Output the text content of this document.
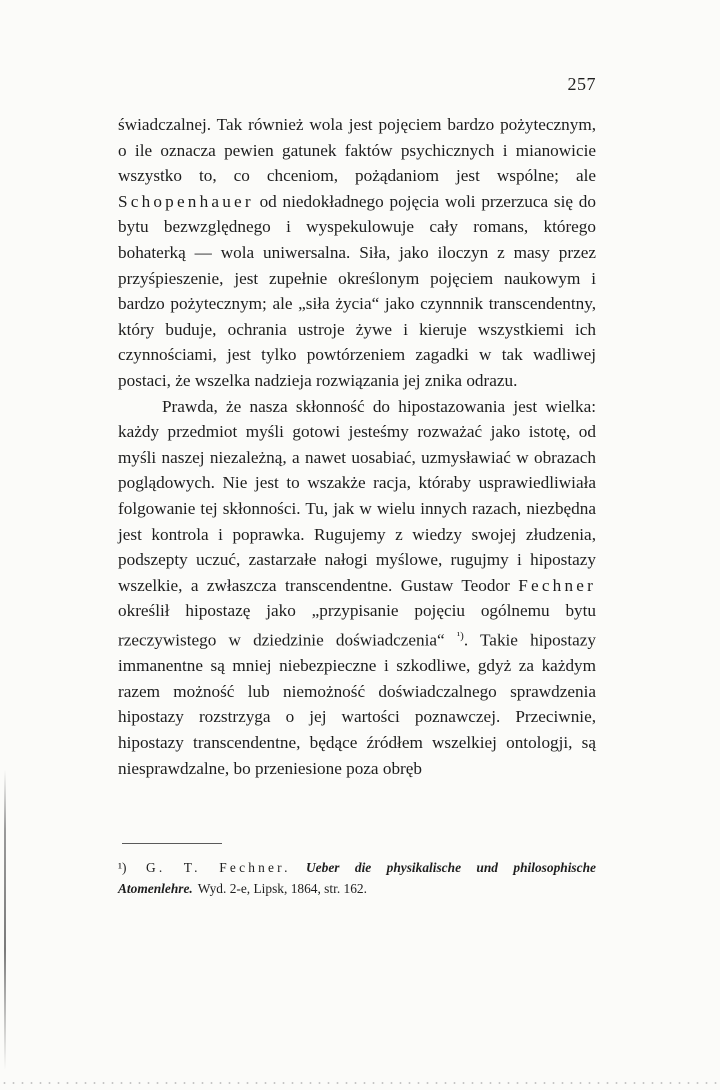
257

świadczalnej. Tak również wola jest pojęciem bardzo pożytecznym, o ile oznacza pewien gatunek faktów psychicznych i mianowicie wszystko to, co chceniom, pożądaniom jest wspólne; ale Schopenhauer od niedokładnego pojęcia woli przerzuca się do bytu bezwzględnego i wyspekulowuje cały romans, którego bohaterką — wola uniwersalna. Siła, jako iloczyn z masy przez przyśpieszenie, jest zupełnie określonym pojęciem naukowym i bardzo pożytecznym; ale „siła życia“ jako czynnnik transcendentny, który buduje, ochrania ustroje żywe i kieruje wszystkiemi ich czynnościami, jest tylko powtórzeniem zagadki w tak wadliwej postaci, że wszelka nadzieja rozwiązania jej znika odrazu.

Prawda, że nasza skłonność do hipostazowania jest wielka: każdy przedmiot myśli gotowi jesteśmy rozważać jako istotę, od myśli naszej niezależną, a nawet uosabiać, uzmysławiać w obrazach poglądowych. Nie jest to wszakże racja, któraby usprawiedliwiała folgowanie tej skłonności. Tu, jak w wielu innych razach, niezbędna jest kontrola i poprawka. Rugujemy z wiedzy swojej złudzenia, podszepty uczuć, zastarzałe nałogi myślowe, rugujmy i hipostazy wszelkie, a zwłaszcza transcendentne. Gustaw Teodor Fechner określił hipostazę jako „przypisanie pojęciu ogólnemu bytu rzeczywistego w dziedzinie doświadczenia“ $^{^1)}$. Takie hipostazy immanentne są mniej niebezpieczne i szkodliwe, gdyż za każdym razem możność lub niemożność doświadczalnego sprawdzenia hipostazy rozstrzyga o jej wartości poznawczej. Przeciwnie, hipostazy transcendentne, będące źródłem wszelkiej ontologji, są niesprawdzalne, bo przeniesione poza obręb

¹) G. T. Fechner. Ueber die physikalische und philosophische Atomenlehre. Wyd. 2-e, Lipsk, 1864, str. 162.
